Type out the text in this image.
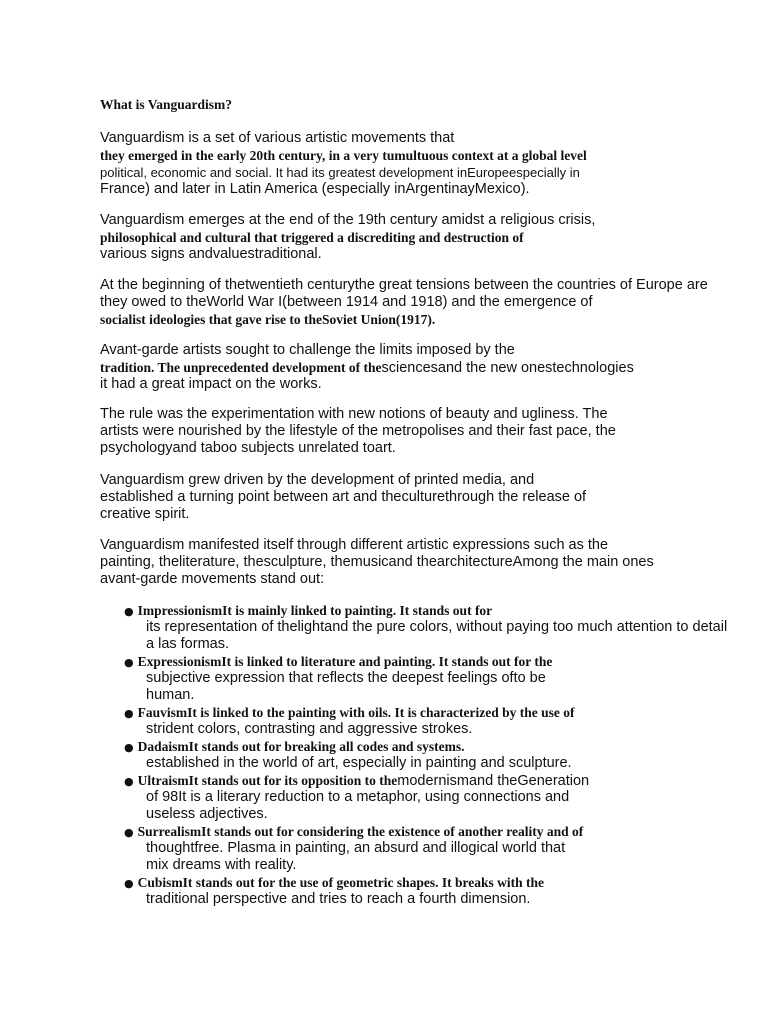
What is Vanguardism?
Vanguardism is a set of various artistic movements that
they emerged in the early 20th century, in a very tumultuous context at a global level
political, economic and social. It had its greatest development inEuropeespecially in
France) and later in Latin America (especially inArgentinayMexico).
Vanguardism emerges at the end of the 19th century amidst a religious crisis,
philosophical and cultural that triggered a discrediting and destruction of
various signs andvaluestraditional.
At the beginning of thetwentieth centurythe great tensions between the countries of Europe are
they owed to theWorld War I(between 1914 and 1918) and the emergence of
socialist ideologies that gave rise to theSoviet Union(1917).
Avant-garde artists sought to challenge the limits imposed by the
tradition. The unprecedented development of thesciencesand the new onestechnologies
it had a great impact on the works.
The rule was the experimentation with new notions of beauty and ugliness. The
artists were nourished by the lifestyle of the metropolises and their fast pace, the
psychologyand taboo subjects unrelated toart.
Vanguardism grew driven by the development of printed media, and
established a turning point between art and theculturethrough the release of
creative spirit.
Vanguardism manifested itself through different artistic expressions such as the
painting, theliterature, thesculpture, themusicand thearchitectureAmong the main ones
avant-garde movements stand out:
● ImpressionismIt is mainly linked to painting. It stands out for
its representation of thelightand the pure colors, without paying too much attention to detail
a las formas.
● ExpressionismIt is linked to literature and painting. It stands out for the
subjective expression that reflects the deepest feelings ofto be
human.
● FauvismIt is linked to the painting with oils. It is characterized by the use of
strident colors, contrasting and aggressive strokes.
● DadaismIt stands out for breaking all codes and systems.
established in the world of art, especially in painting and sculpture.
● UltraismIt stands out for its opposition to themodernismand theGeneration
of 98It is a literary reduction to a metaphor, using connections and
useless adjectives.
● SurrealismIt stands out for considering the existence of another reality and of
thoughtfree. Plasma in painting, an absurd and illogical world that
mix dreams with reality.
● CubismIt stands out for the use of geometric shapes. It breaks with the
traditional perspective and tries to reach a fourth dimension.
